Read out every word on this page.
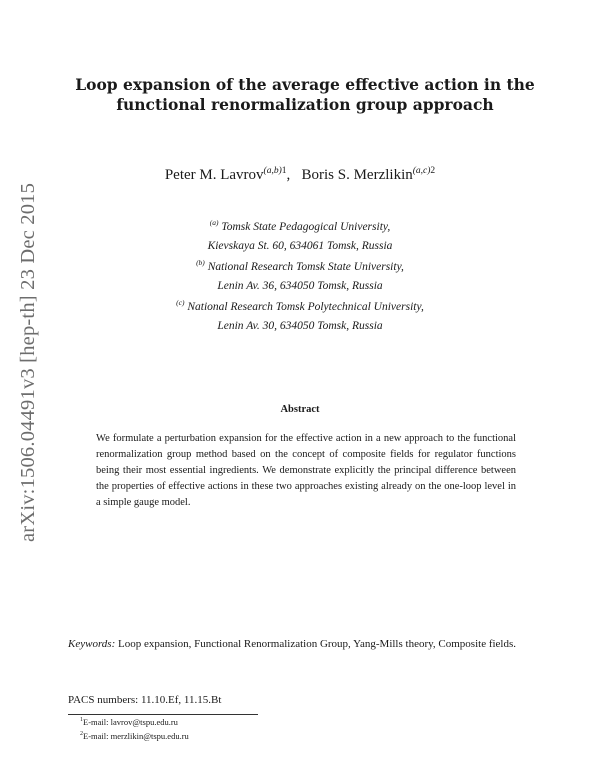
arXiv:1506.04491v3 [hep-th] 23 Dec 2015
Loop expansion of the average effective action in the
functional renormalization group approach
Peter M. Lavrov$^{(a,b)1}$,   Boris S. Merzlikin$^{(a,c)2}$
$^{(a)}$ Tomsk State Pedagogical University,
Kievskaya St. 60, 634061 Tomsk, Russia
$^{(b)}$ National Research Tomsk State University,
Lenin Av. 36, 634050 Tomsk, Russia
$^{(c)}$ National Research Tomsk Polytechnical University,
Lenin Av. 30, 634050 Tomsk, Russia
Abstract
We formulate a perturbation expansion for the effective action in a new approach to the functional renormalization group method based on the concept of composite fields for regulator functions being their most essential ingredients. We demonstrate explicitly the principal difference between the properties of effective actions in these two approaches existing already on the one-loop level in a simple gauge model.
Keywords: Loop expansion, Functional Renormalization Group, Yang-Mills theory, Composite fields.
PACS numbers: 11.10.Ef, 11.15.Bt
$^1$E-mail: lavrov@tspu.edu.ru
$^2$E-mail: merzlikin@tspu.edu.ru
